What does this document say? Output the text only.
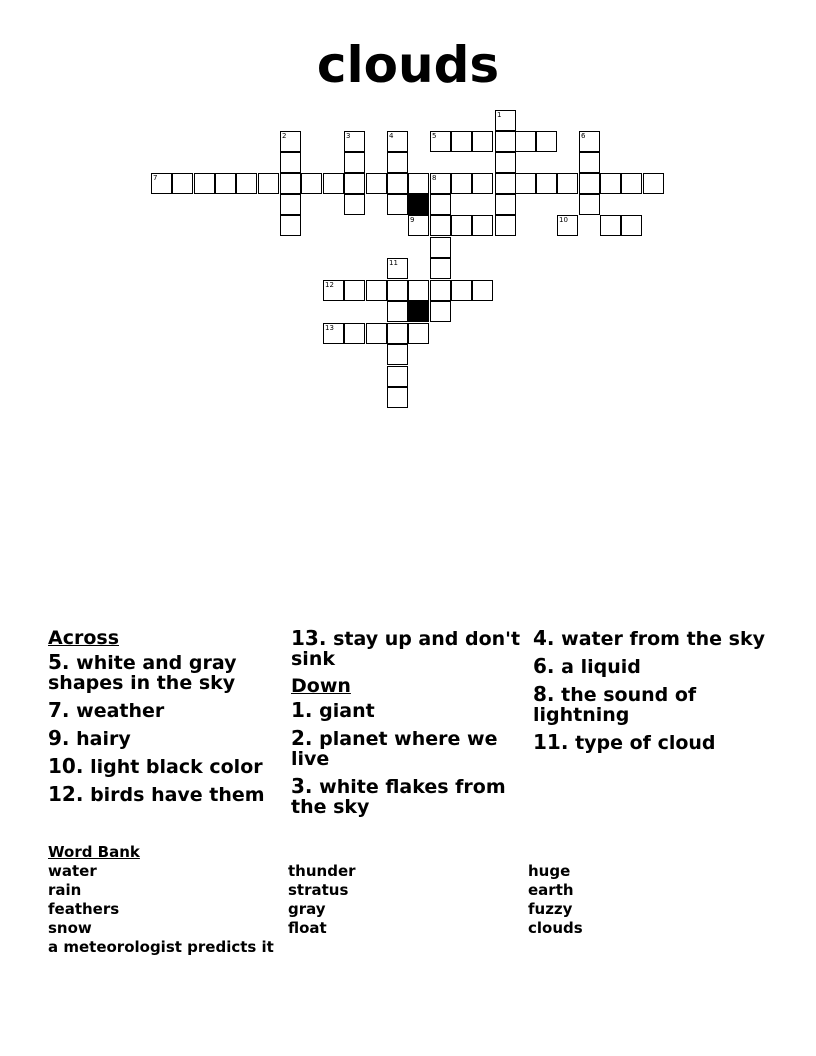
clouds
1
2	3	4	5	6
7	8
9	10
11
12
13
Across
5. white and gray shapes in the sky
7. weather
9. hairy
10. light black color
12. birds have them
13. stay up and don't sink
Down
1. giant
2. planet where we live
3. white flakes from the sky
4. water from the sky
6. a liquid
8. the sound of lightning
11. type of cloud
Word Bank
water
rain
feathers
snow
a meteorologist predicts it
thunder
stratus
gray
float
huge
earth
fuzzy
clouds
